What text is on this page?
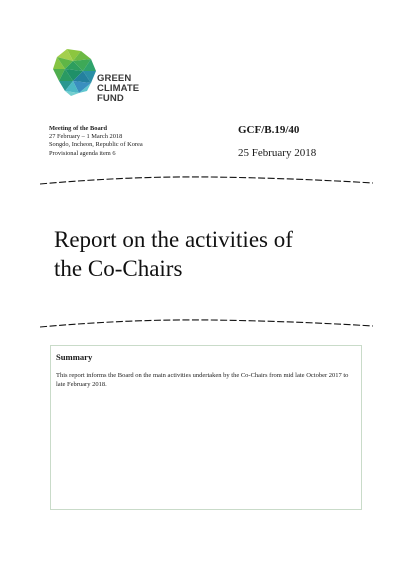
GREEN
CLIMATE
FUND
Meeting of the Board
27 February – 1 March 2018
Songdo, Incheon, Republic of Korea
Provisional agenda item 6
GCF/B.19/40
25 February 2018
Report on the activities of
the Co-Chairs
Summary
This report informs the Board on the main activities undertaken by the Co-Chairs from mid late October 2017 to late February 2018.
